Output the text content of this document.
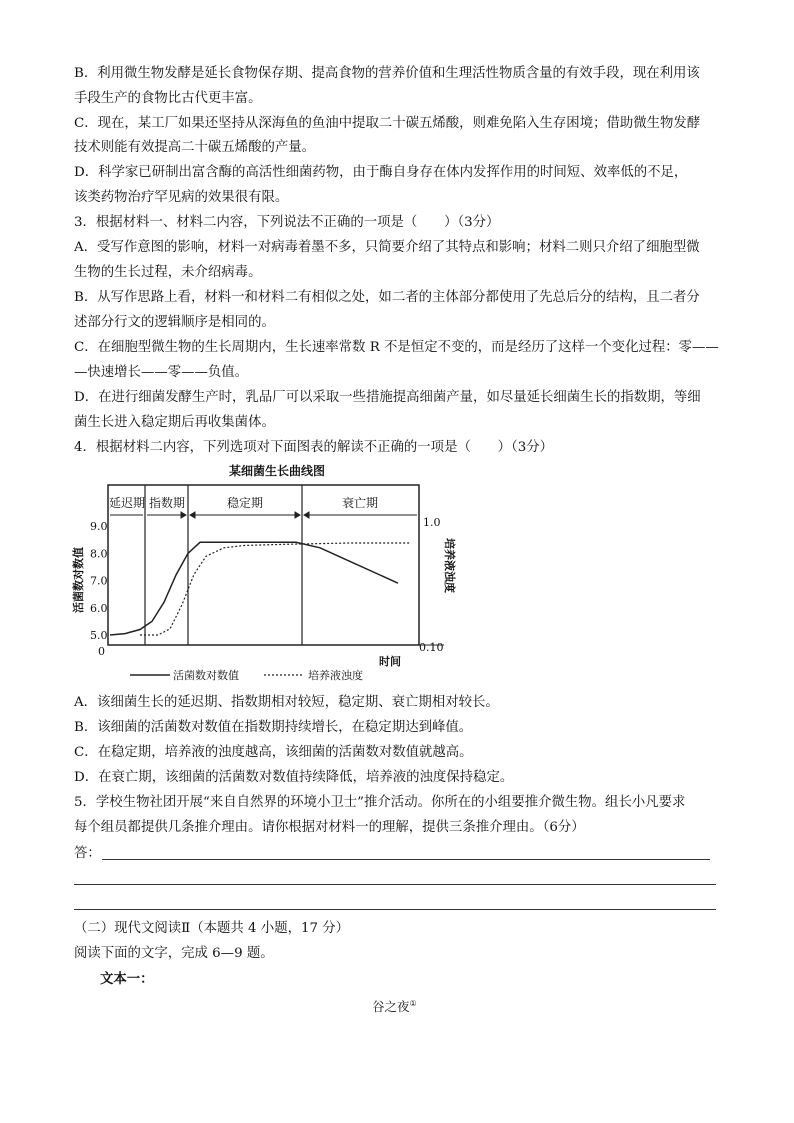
B．利用微生物发酵是延长食物保存期、提高食物的营养价值和生理活性物质含量的有效手段，现在利用该
手段生产的食物比古代更丰富。
C．现在，某工厂如果还坚持从深海鱼的鱼油中提取二十碳五烯酸，则难免陷入生存困境；借助微生物发酵
技术则能有效提高二十碳五烯酸的产量。
D．科学家已研制出富含酶的高活性细菌药物，由于酶自身存在体内发挥作用的时间短、效率低的不足，
该类药物治疗罕见病的效果很有限。
3．根据材料一、材料二内容，下列说法不正确的一项是（　　）（3分）
A．受写作意图的影响，材料一对病毒着墨不多，只简要介绍了其特点和影响；材料二则只介绍了细胞型微
生物的生长过程，未介绍病毒。
B．从写作思路上看，材料一和材料二有相似之处，如二者的主体部分都使用了先总后分的结构，且二者分
述部分行文的逻辑顺序是相同的。
C．在细胞型微生物的生长周期内，生长速率常数 R 不是恒定不变的，而是经历了这样一个变化过程：零——
—快速增长——零——负值。
D．在进行细菌发酵生产时，乳品厂可以采取一些措施提高细菌产量，如尽量延长细菌生长的指数期，等细
菌生长进入稳定期后再收集菌体。
4．根据材料二内容，下列选项对下面图表的解读不正确的一项是（　　）（3分）
某细菌生长曲线图
延迟期 指数期	稳定期	衰亡期
9.0
8.0
7.0
6.0
5.0
0
1.0
0.10
活菌数对数值	培养液浊度
时间
活菌数对数值	培养液浊度
A．该细菌生长的延迟期、指数期相对较短，稳定期、衰亡期相对较长。
B．该细菌的活菌数对数值在指数期持续增长，在稳定期达到峰值。
C．在稳定期，培养液的浊度越高，该细菌的活菌数对数值就越高。
D．在衰亡期，该细菌的活菌数对数值持续降低，培养液的浊度保持稳定。
5．学校生物社团开展“来自自然界的环境小卫士”推介活动。你所在的小组要推介微生物。组长小凡要求
每个组员都提供几条推介理由。请你根据对材料一的理解，提供三条推介理由。（6分）
答：
（二）现代文阅读Ⅱ（本题共 4 小题，17 分）
阅读下面的文字，完成 6—9 题。
文本一：
谷之夜①
